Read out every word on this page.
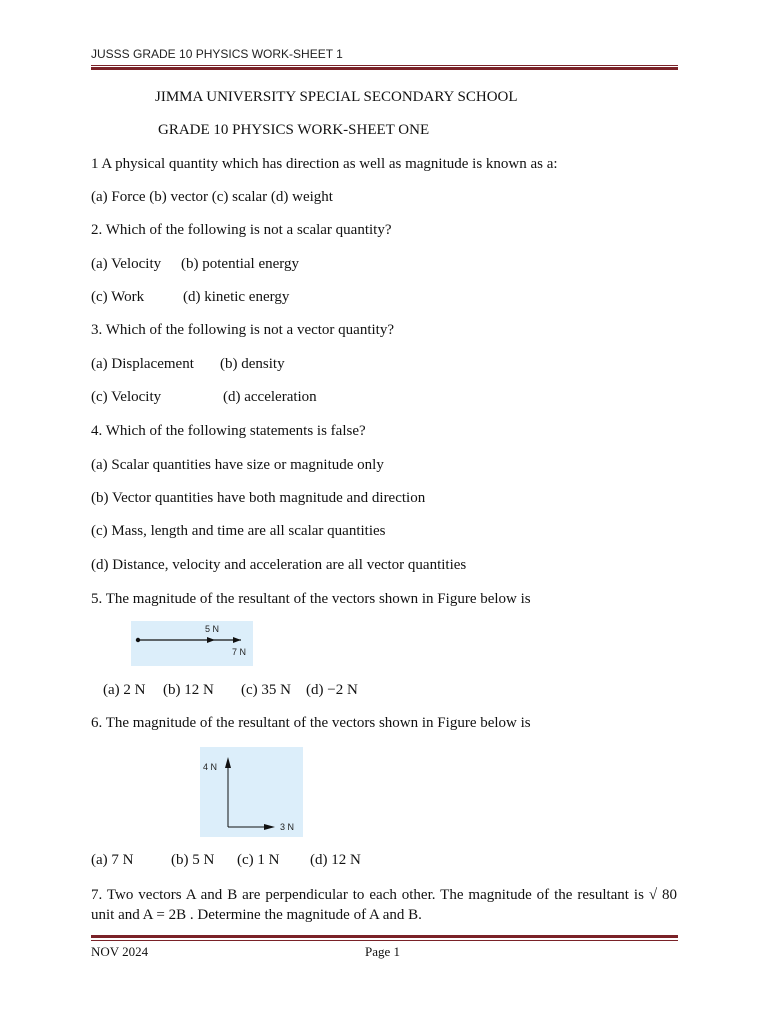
JUSSS GRADE 10 PHYSICS WORK-SHEET 1
JIMMA UNIVERSITY SPECIAL SECONDARY SCHOOL
GRADE 10 PHYSICS WORK-SHEET ONE
1 A physical quantity which has direction as well as magnitude is known as a:
(a) Force (b) vector (c) scalar (d) weight
2. Which of the following is not a scalar quantity?
(a) Velocity (b) potential energy
(c) Work	(d) kinetic energy
3. Which of the following is not a vector quantity?
(a) Displacement (b) density
(c) Velocity	(d) acceleration
4. Which of the following statements is false?
(a) Scalar quantities have size or magnitude only
(b) Vector quantities have both magnitude and direction
(c) Mass, length and time are all scalar quantities
(d) Distance, velocity and acceleration are all vector quantities
5. The magnitude of the resultant of the vectors shown in Figure below is
5 N
7 N
(a) 2 N (b) 12 N (c) 35 N (d) −2 N
6. The magnitude of the resultant of the vectors shown in Figure below is
4 N
3 N
(a) 7 N	(b) 5 N (c) 1 N (d) 12 N
7. Two vectors A and B are perpendicular to each other. The magnitude of the resultant is √ 80 unit and A = 2B . Determine the magnitude of A and B.
NOV 2024	Page 1
